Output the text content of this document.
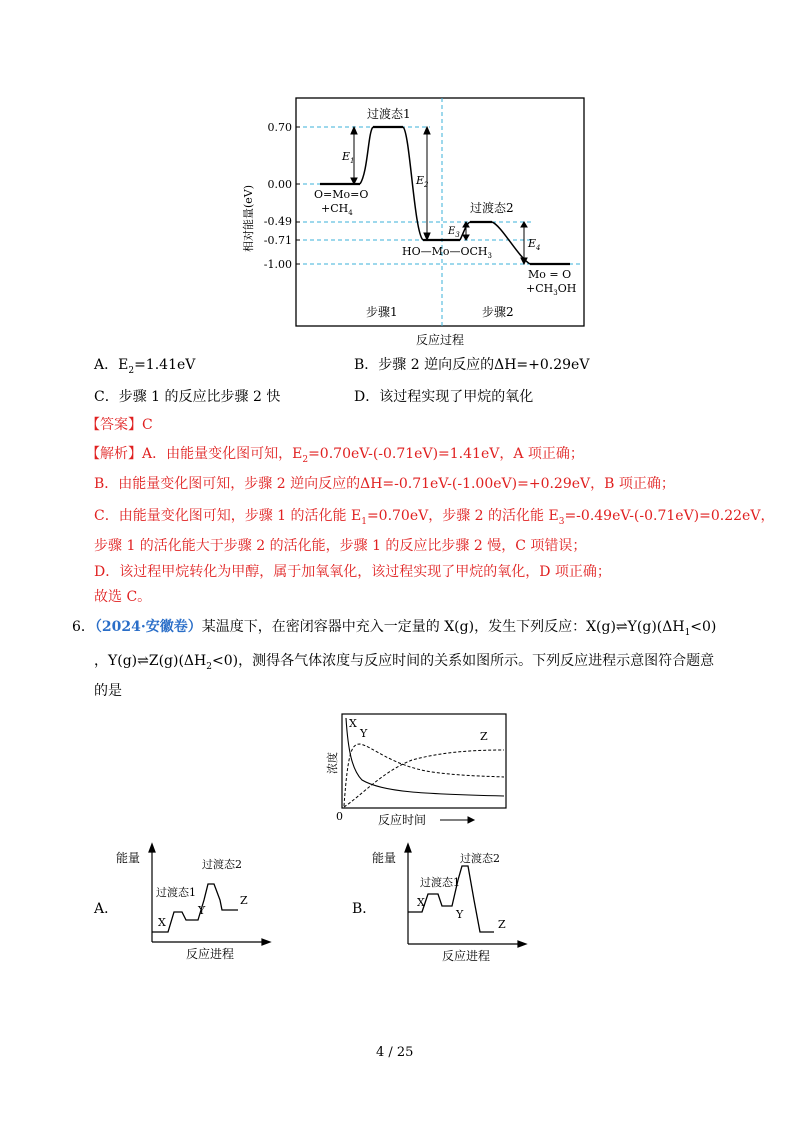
0.70
0.00
-0.49
-0.71
-1.00
相对能量(eV)
过渡态1
过渡态2
O=Mo=O
$+CH_4$
$HO—Mo—OCH_3$
Mo = O
$+CH_3OH$
$E_1$
$E_2$
$E_3$
$E_4$
步骤1	步骤2
反应过程
A．$E_2=1.41eV$	B．步骤 2 逆向反应的ΔH=+0.29eV
C．步骤 1 的反应比步骤 2 快	D．该过程实现了甲烷的氧化
【答案】C
【解析】A．由能量变化图可知，$E_2=0.70eV-(-0.71eV)=1.41eV$，A 项正确；
B．由能量变化图可知，步骤 2 逆向反应的ΔH=-0.71eV-(-1.00eV)=+0.29eV，B 项正确；
C．由能量变化图可知，步骤 1 的活化能 $E_1=0.70eV$，步骤 2 的活化能 $E_3=-0.49eV-(-0.71eV)=0.22eV$，
步骤 1 的活化能大于步骤 2 的活化能，步骤 1 的反应比步骤 2 慢，C 项错误；
D．该过程甲烷转化为甲醇，属于加氧氧化，该过程实现了甲烷的氧化，D 项正确；
故选 C。
6．（2024·安徽卷）某温度下，在密闭容器中充入一定量的 X(g)，发生下列反应：$X(g)\rightleftharpoons Y(g)(\Delta H_1<0)$
，$Y(g)\rightleftharpoons Z(g)(\Delta H_2<0)$，测得各气体浓度与反应时间的关系如图所示。下列反应进程示意图符合题意
的是
X
Y	Z
浓度
0	反应时间
A．
能量
过渡态1
过渡态2
X
Y
Z
反应进程
B．
能量
过渡态1
过渡态2
X
Y
Z
反应进程
4 / 25
